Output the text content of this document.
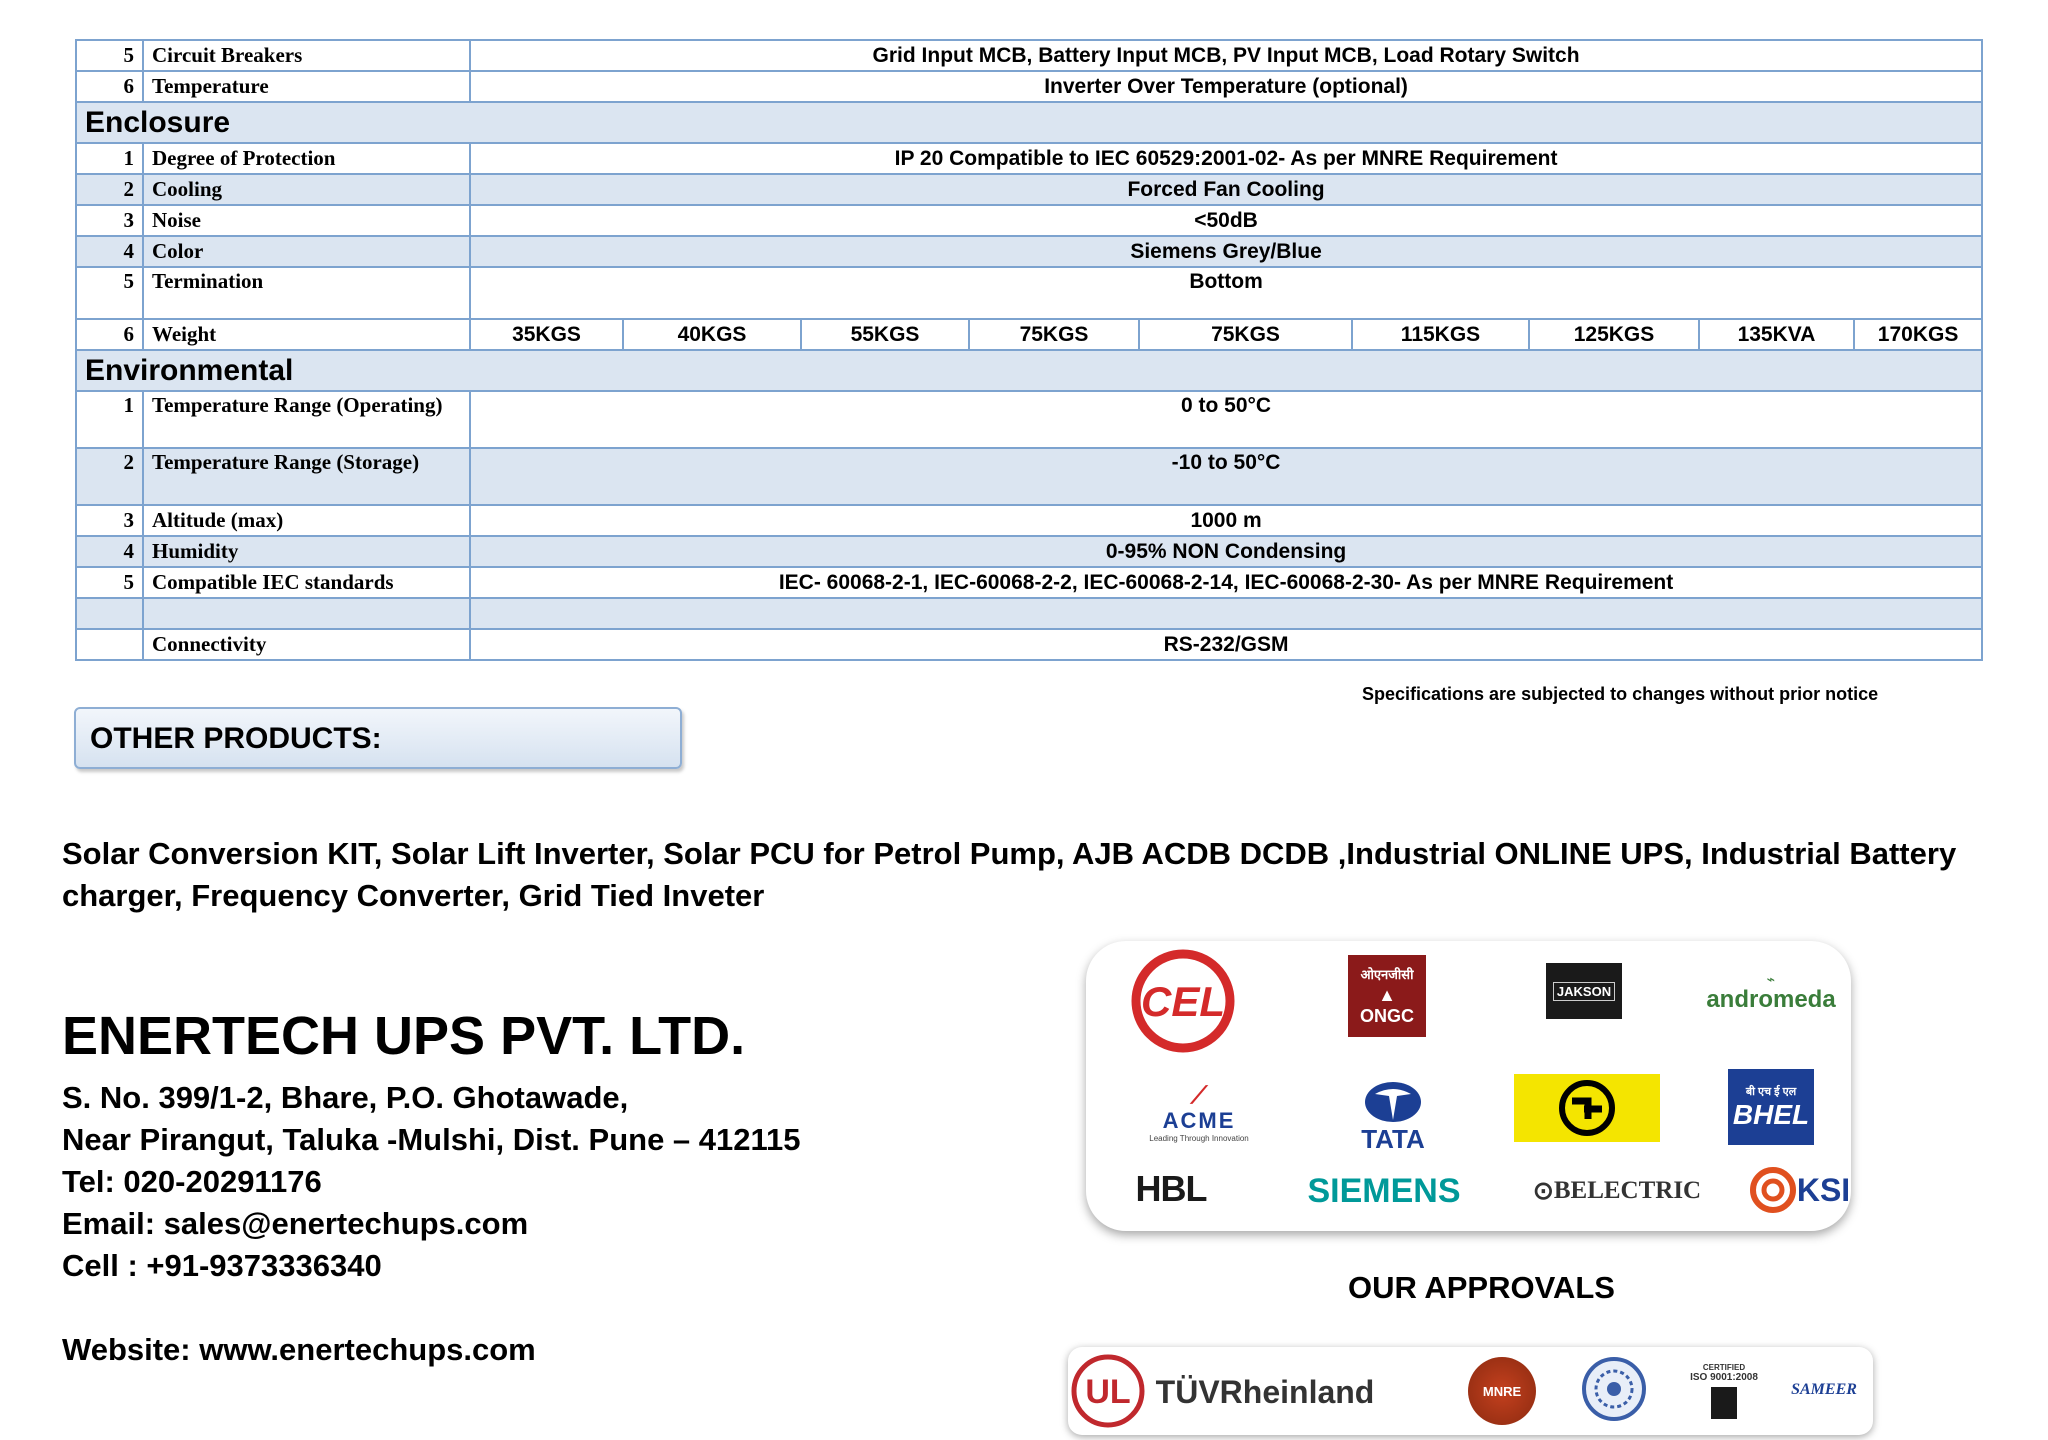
5	Circuit Breakers	Grid Input MCB, Battery Input MCB, PV Input MCB, Load Rotary Switch								
6	Temperature	Inverter Over Temperature (optional)								
Enclosure										
1	Degree of Protection	IP 20 Compatible to IEC 60529:2001-02- As per MNRE Requirement								
2	Cooling	Forced Fan Cooling								
3	Noise	<50dB								
4	Color	Siemens Grey/Blue								
5	Termination	Bottom								
6	Weight	35KGS	40KGS	55KGS	75KGS	75KGS	115KGS	125KGS	135KVA	170KGS
Environmental										
1	Temperature Range (Operating)	0 to 50°C								
2	Temperature Range (Storage)	-10 to 50°C								
3	Altitude (max)	1000 m								
4	Humidity	0-95% NON Condensing								
5	Compatible IEC standards	IEC- 60068-2-1, IEC-60068-2-2, IEC-60068-2-14, IEC-60068-2-30- As per MNRE Requirement								

	Connectivity	RS-232/GSM								
Specifications are subjected to changes without prior notice
OTHER PRODUCTS:
Solar Conversion KIT, Solar Lift Inverter, Solar PCU for Petrol Pump, AJB ACDB DCDB ,Industrial ONLINE UPS, Industrial Battery charger, Frequency Converter, Grid Tied Inveter
ENERTECH UPS PVT. LTD.
S. No. 399/1-2, Bhare, P.O. Ghotawade,
Near Pirangut, Taluka -Mulshi, Dist. Pune – 412115
Tel: 020-20291176
Email: sales@enertechups.com
Cell : +91-9373336340
Website: www.enertechups.com
CEL
ओएनजीसी
▲
ONGC
JAKSON
⌁
andromeda
⟋
ACME
Leading Through Innovation	TATA
बी एच ई एल
BHEL
HBL	SIEMENS	⊙ BELECTRIC	KSI
OUR APPROVALS
UL TÜVRheinland	MNRE
CERTIFIED
ISO 9001:2008
SAMEER
